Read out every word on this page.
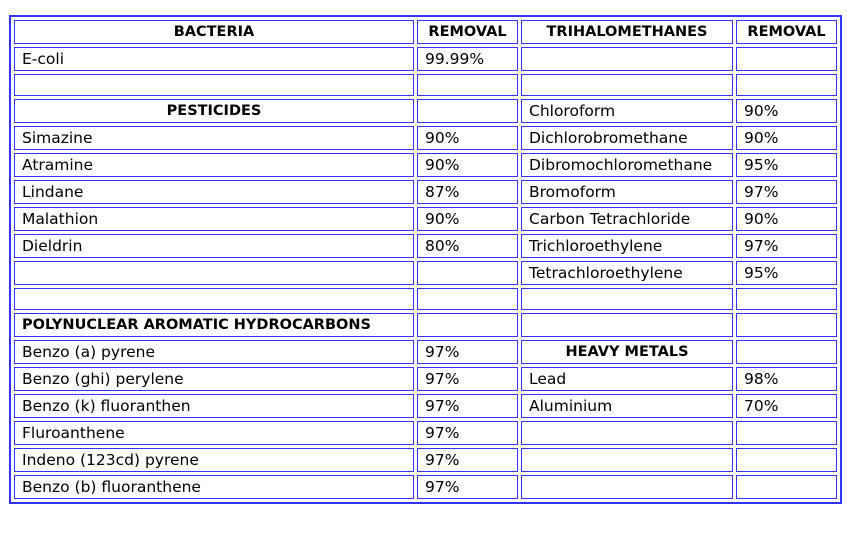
BACTERIA	REMOVAL	TRIHALOMETHANES	REMOVAL
E-coli	99.99%		

PESTICIDES		Chloroform	90%
Simazine	90%	Dichlorobromethane	90%
Atramine	90%	Dibromochloromethane	95%
Lindane	87%	Bromoform	97%
Malathion	90%	Carbon Tetrachloride	90%
Dieldrin	80%	Trichloroethylene	97%
		Tetrachloroethylene	95%

POLYNUCLEAR AROMATIC HYDROCARBONS			
Benzo (a) pyrene	97%	HEAVY METALS	
Benzo (ghi) perylene	97%	Lead	98%
Benzo (k) fluoranthen	97%	Aluminium	70%
Fluroanthene	97%		
Indeno (123cd) pyrene	97%		
Benzo (b) fluoranthene	97%		
